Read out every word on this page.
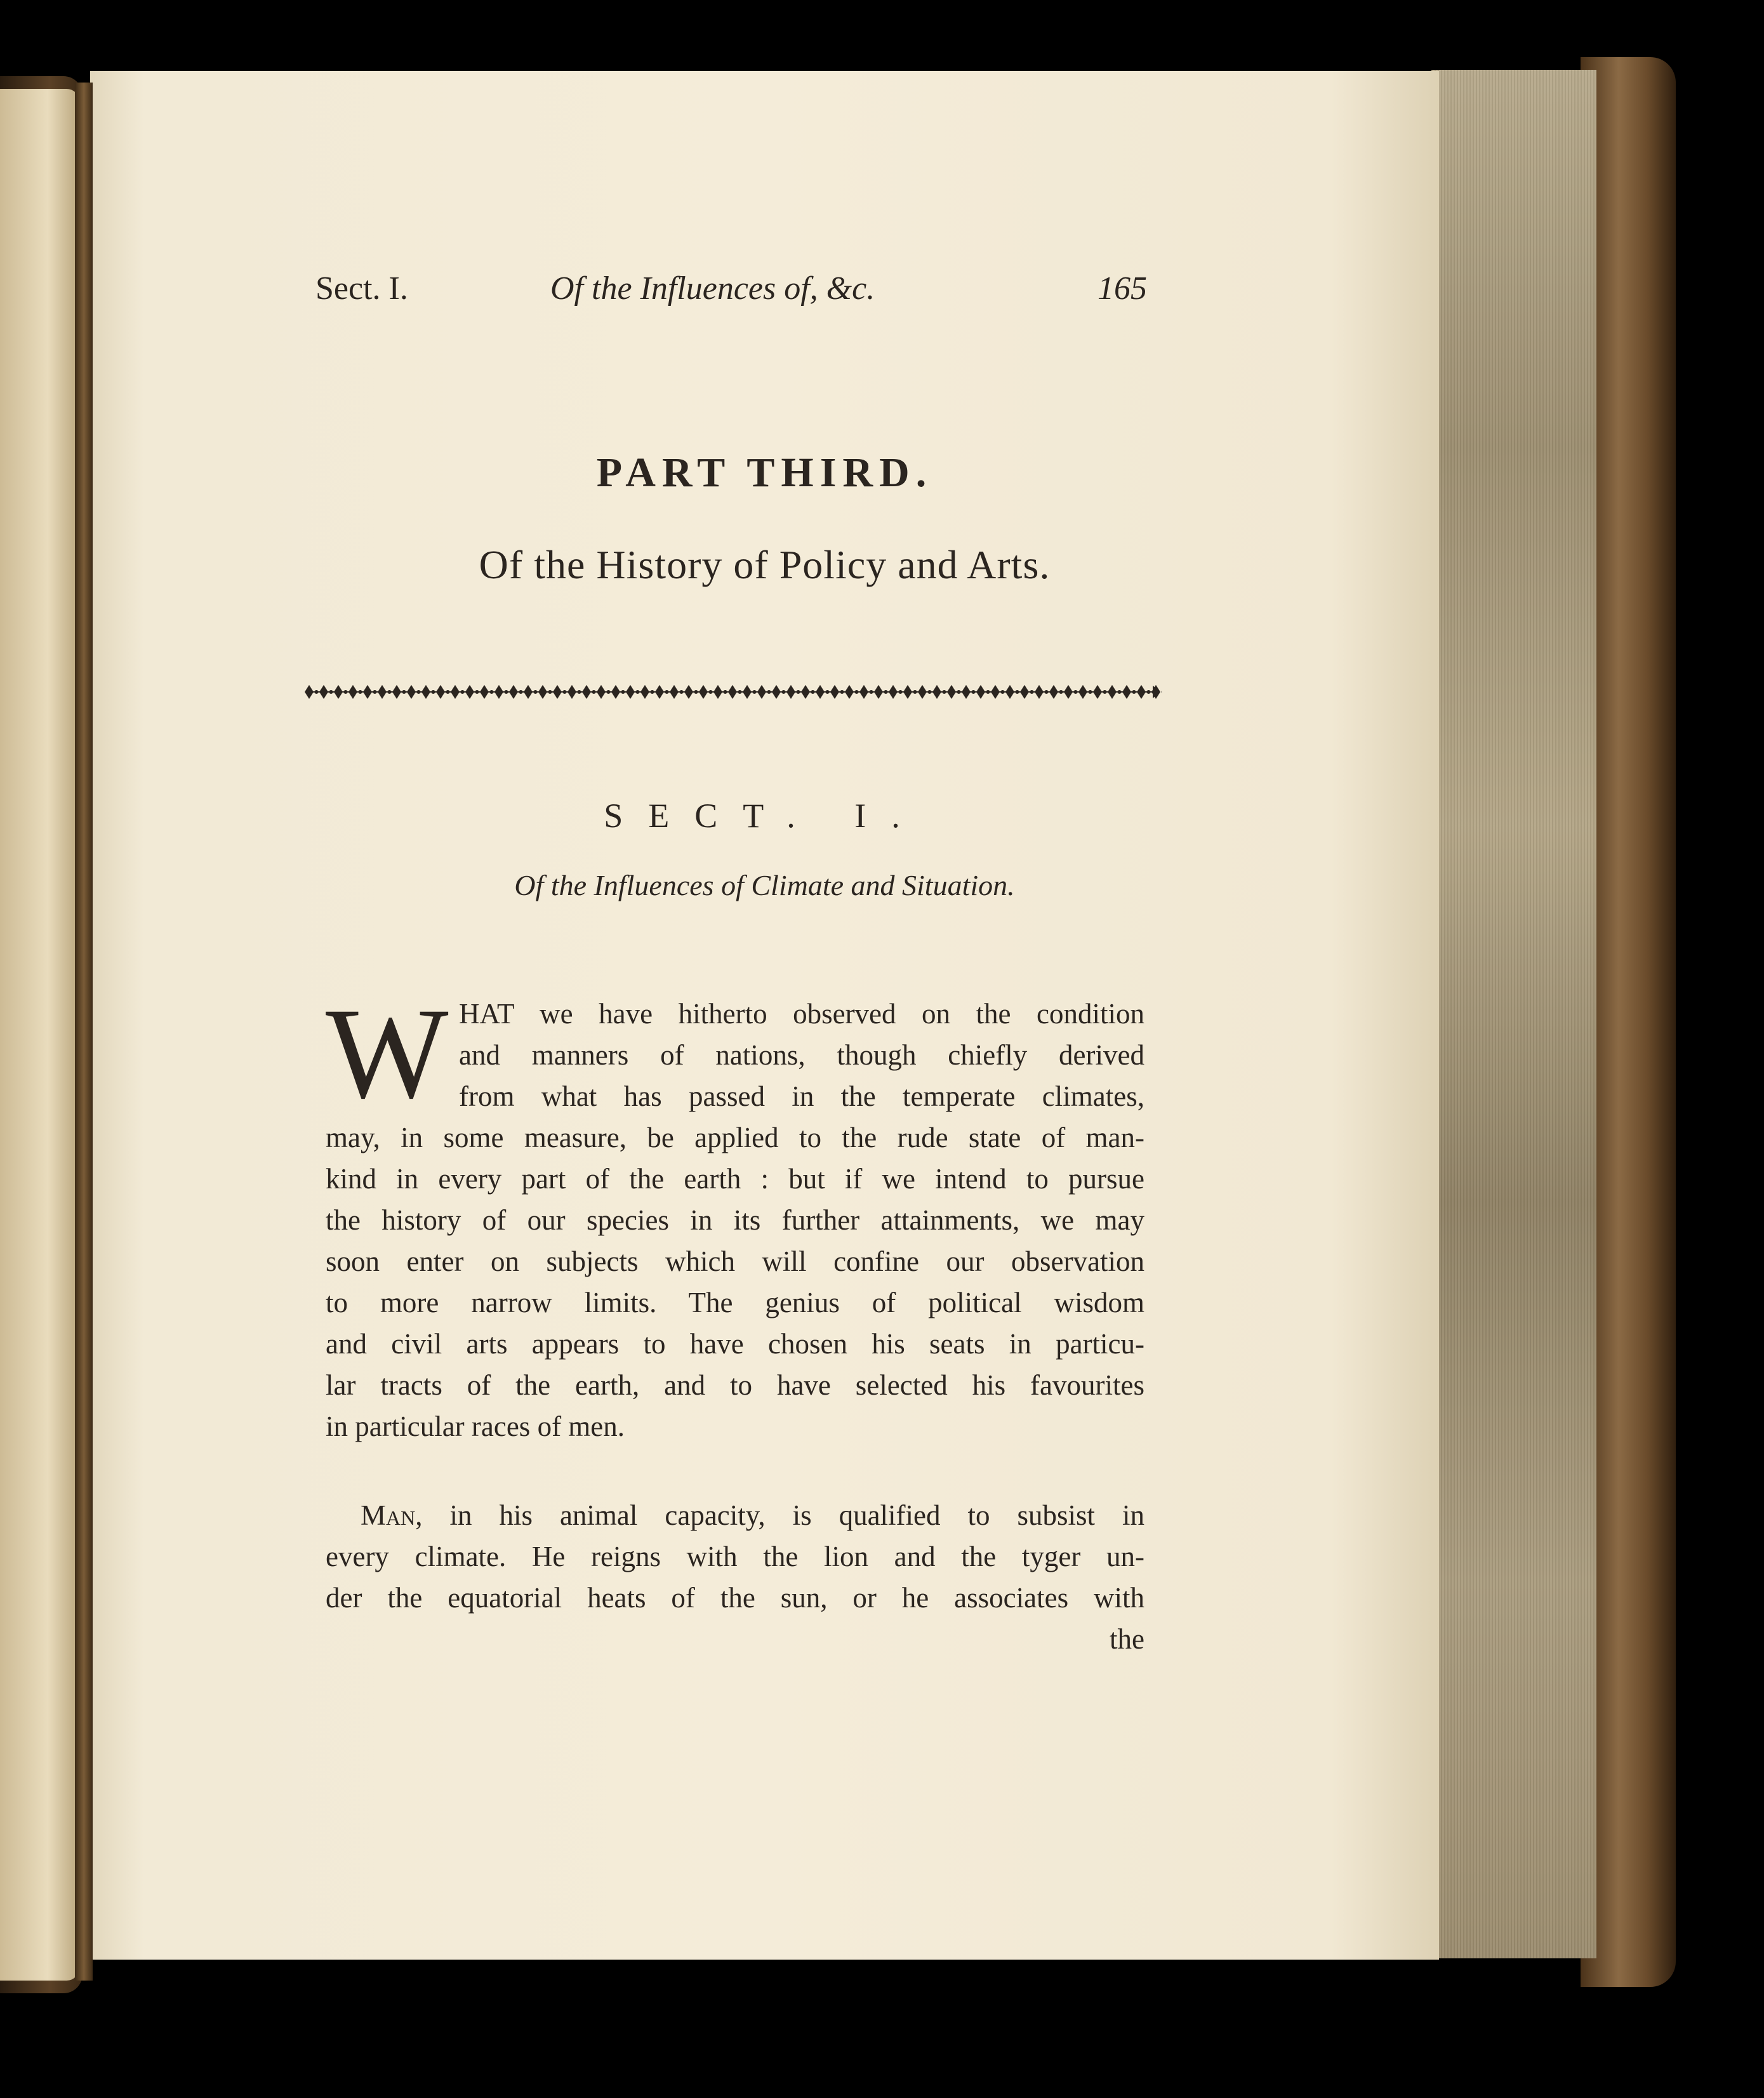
Sect. I.	Of the Influences of, &c.	165
PART THIRD.
Of the History of Policy and Arts.
SECT. I.
Of the Influences of Climate and Situation.
W HAT we have hitherto observed on the condition
and manners of nations, though chiefly derived
from what has passed in the temperate climates,
may, in some measure, be applied to the rude state of man-
kind in every part of the earth : but if we intend to pursue
the history of our species in its further attainments, we may
soon enter on subjects which will confine our observation
to more narrow limits. The genius of political wisdom
and civil arts appears to have chosen his seats in particu-
lar tracts of the earth, and to have selected his favourites
in particular races of men.
Man, in his animal capacity, is qualified to subsist in
every climate. He reigns with the lion and the tyger un-
der the equatorial heats of the sun, or he associates with
the
